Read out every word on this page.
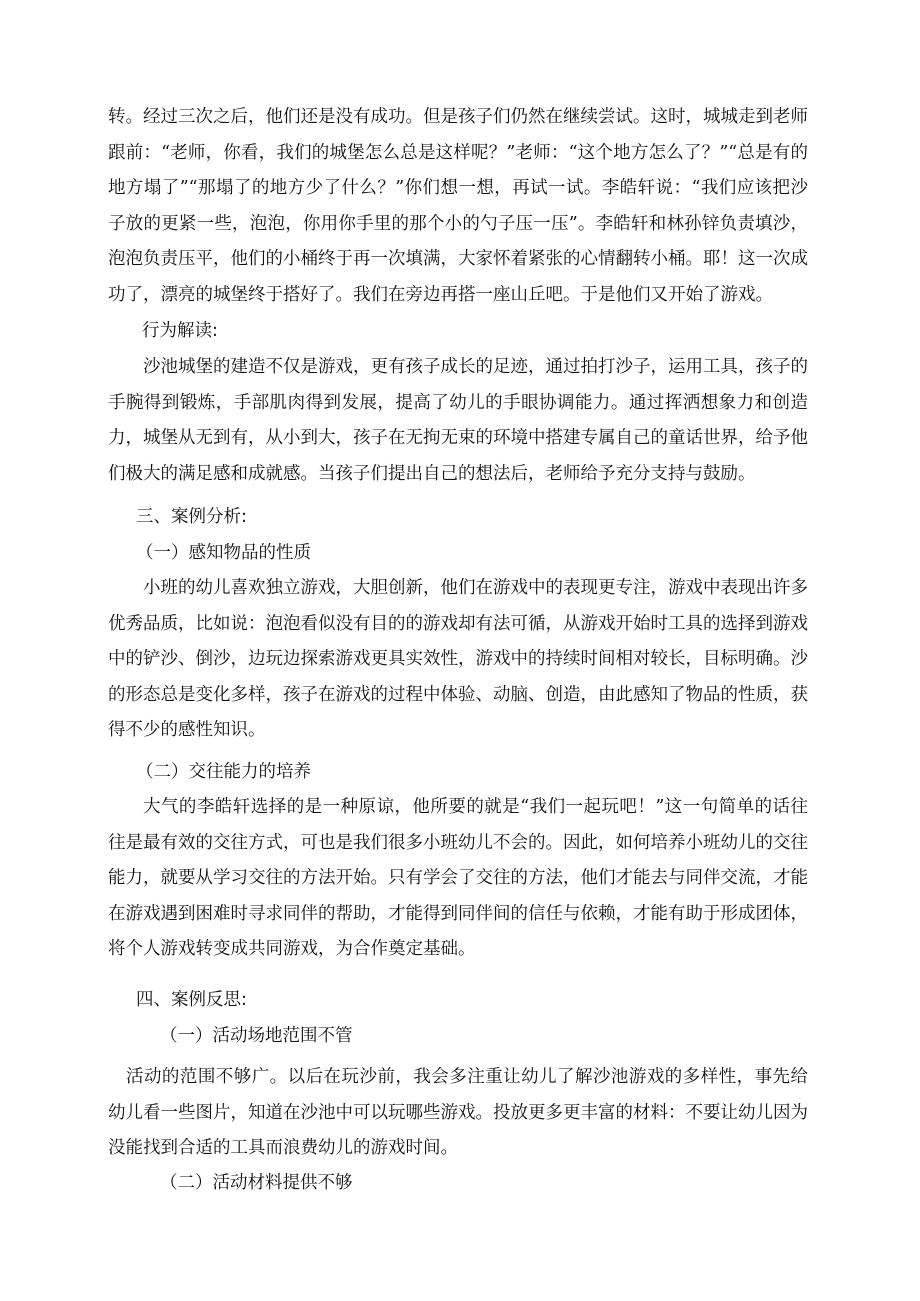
转。经过三次之后，他们还是没有成功。但是孩子们仍然在继续尝试。这时，城城走到老师跟前：“老师，你看，我们的城堡怎么总是这样呢？”老师：“这个地方怎么了？”“总是有的地方塌了”“那塌了的地方少了什么？”你们想一想，再试一试。李皓轩说：“我们应该把沙子放的更紧一些，泡泡，你用你手里的那个小的勺子压一压”。李皓轩和林孙锌负责填沙，泡泡负责压平，他们的小桶终于再一次填满，大家怀着紧张的心情翻转小桶。耶！这一次成功了，漂亮的城堡终于搭好了。我们在旁边再搭一座山丘吧。于是他们又开始了游戏。

行为解读:

沙池城堡的建造不仅是游戏，更有孩子成长的足迹，通过拍打沙子，运用工具，孩子的手腕得到锻炼，手部肌肉得到发展，提高了幼儿的手眼协调能力。通过挥洒想象力和创造力，城堡从无到有，从小到大，孩子在无拘无束的环境中搭建专属自己的童话世界，给予他们极大的满足感和成就感。当孩子们提出自己的想法后，老师给予充分支持与鼓励。

三、案例分析:

（一）感知物品的性质

小班的幼儿喜欢独立游戏，大胆创新，他们在游戏中的表现更专注，游戏中表现出许多优秀品质，比如说：泡泡看似没有目的的游戏却有法可循，从游戏开始时工具的选择到游戏中的铲沙、倒沙，边玩边探索游戏更具实效性，游戏中的持续时间相对较长，目标明确。沙的形态总是变化多样，孩子在游戏的过程中体验、动脑、创造，由此感知了物品的性质，获得不少的感性知识。

（二）交往能力的培养

大气的李皓轩选择的是一种原谅，他所要的就是“我们一起玩吧！”这一句简单的话往往是最有效的交往方式，可也是我们很多小班幼儿不会的。因此，如何培养小班幼儿的交往能力，就要从学习交往的方法开始。只有学会了交往的方法，他们才能去与同伴交流，才能在游戏遇到困难时寻求同伴的帮助，才能得到同伴间的信任与依赖，才能有助于形成团体，将个人游戏转变成共同游戏，为合作奠定基础。

四、案例反思:

（一）活动场地范围不管

活动的范围不够广。以后在玩沙前，我会多注重让幼儿了解沙池游戏的多样性，事先给幼儿看一些图片，知道在沙池中可以玩哪些游戏。投放更多更丰富的材料：不要让幼儿因为没能找到合适的工具而浪费幼儿的游戏时间。

（二）活动材料提供不够
